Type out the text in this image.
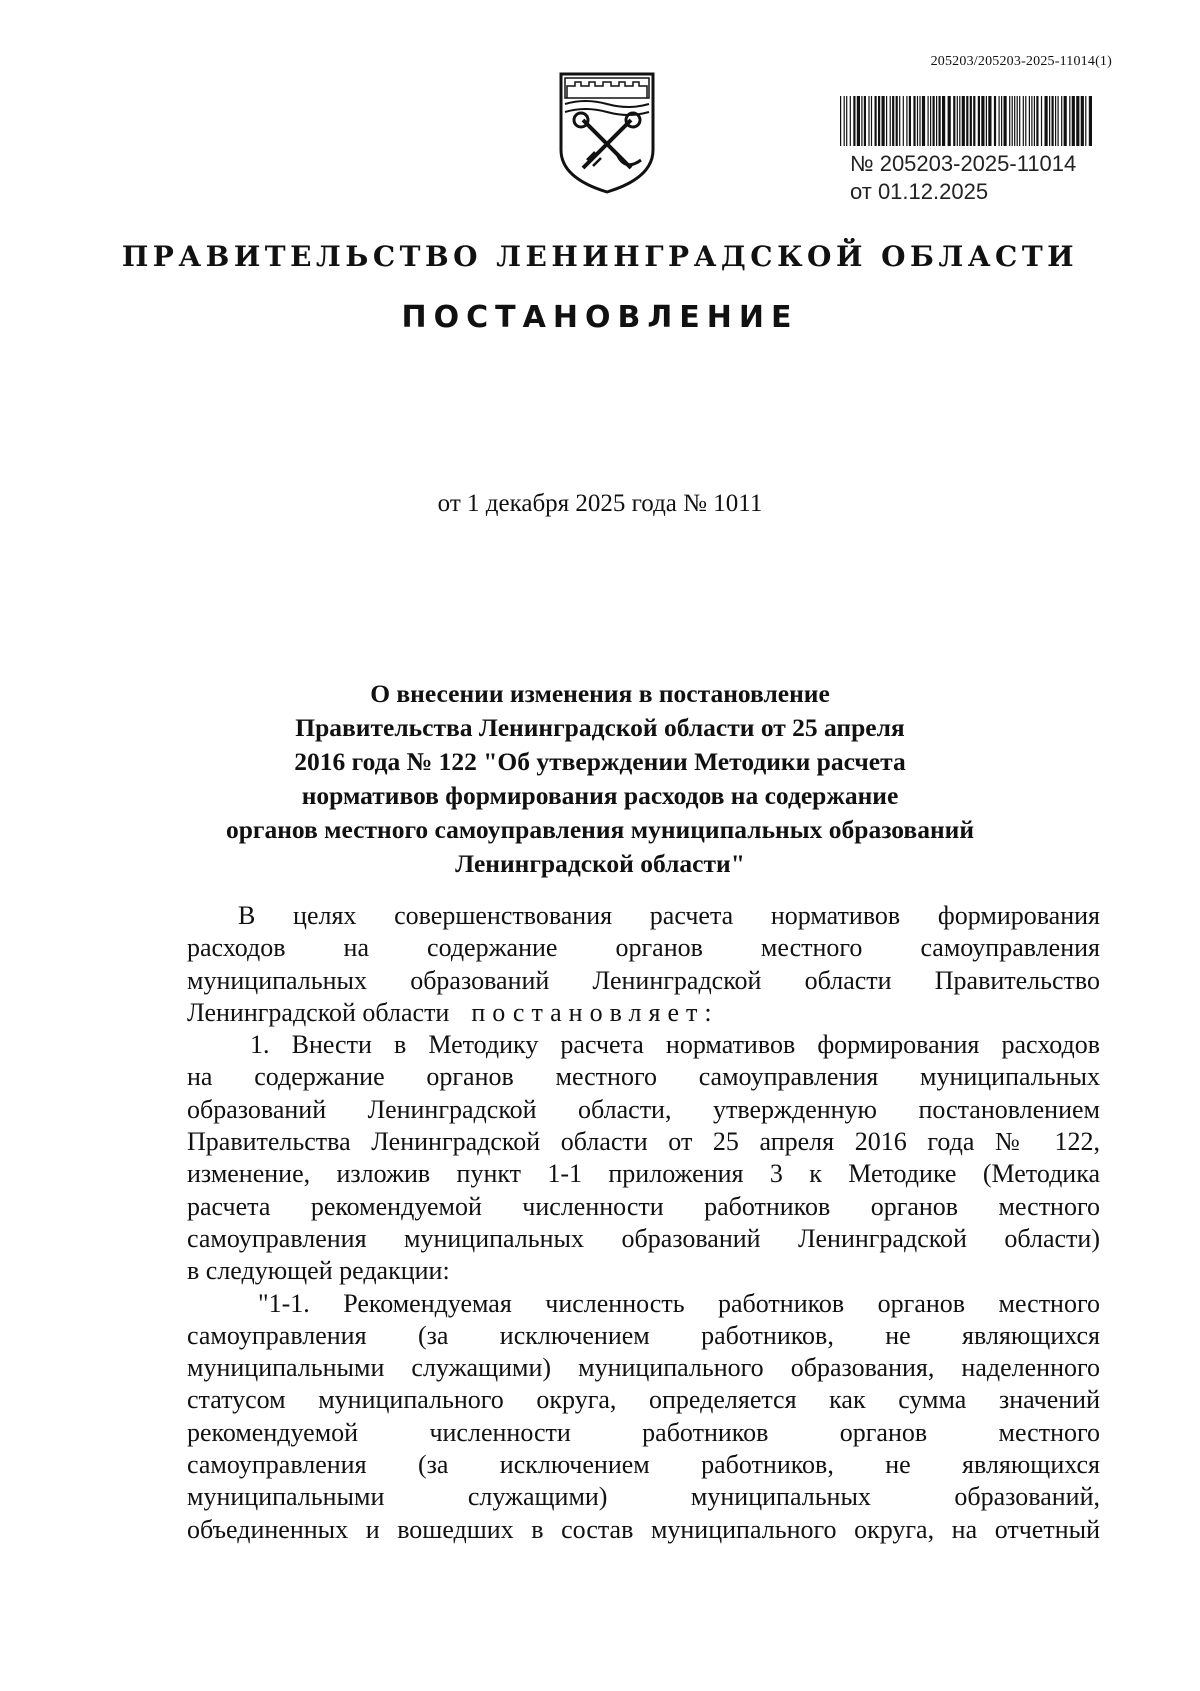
205203/205203-2025-11014(1)
№ 205203-2025-11014
от 01.12.2025
ПРАВИТЕЛЬСТВО ЛЕНИНГРАДСКОЙ ОБЛАСТИ
ПОСТАНОВЛЕНИЕ
от 1 декабря 2025 года № 1011
О внесении изменения в постановление
Правительства Ленинградской области от 25 апреля
2016 года № 122 "Об утверждении Методики расчета
нормативов формирования расходов на содержание
органов местного самоуправления муниципальных образований
Ленинградской области"
В целях совершенствования расчета нормативов формирования
расходов на содержание органов местного самоуправления
муниципальных образований Ленинградской области Правительство
Ленинградской области постановляет:
1. Внести в Методику расчета нормативов формирования расходов
на содержание органов местного самоуправления муниципальных
образований Ленинградской области, утвержденную постановлением
Правительства Ленинградской области от 25 апреля 2016 года № 122,
изменение, изложив пункт 1-1 приложения 3 к Методике (Методика
расчета рекомендуемой численности работников органов местного
самоуправления муниципальных образований Ленинградской области)
в следующей редакции:
"1-1. Рекомендуемая численность работников органов местного
самоуправления (за исключением работников, не являющихся
муниципальными служащими) муниципального образования, наделенного
статусом муниципального округа, определяется как сумма значений
рекомендуемой численности работников органов местного
самоуправления (за исключением работников, не являющихся
муниципальными служащими) муниципальных образований,
объединенных и вошедших в состав муниципального округа, на отчетный
